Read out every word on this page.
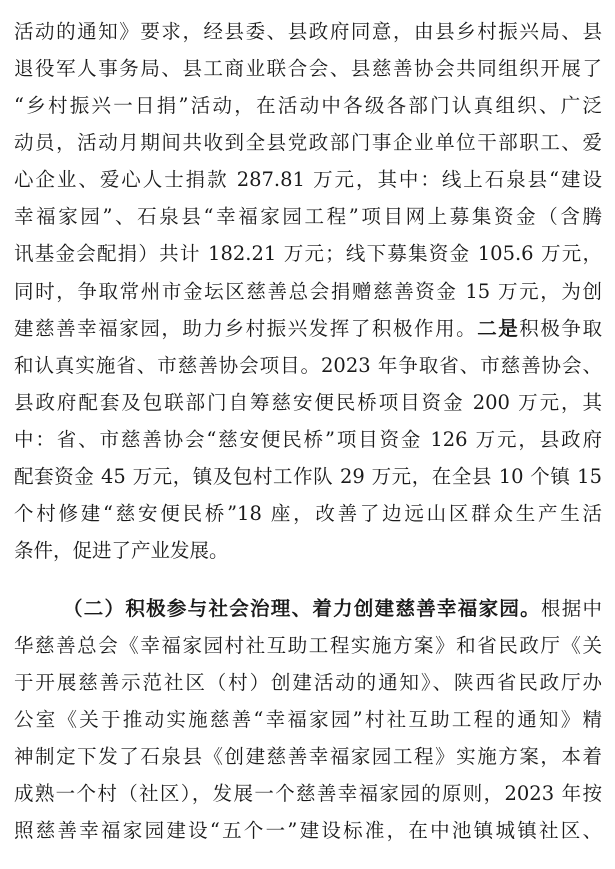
活动的通知》要求，经县委、县政府同意，由县乡村振兴局、县
退役军人事务局、县工商业联合会、县慈善协会共同组织开展了
“乡村振兴一日捐”活动，在活动中各级各部门认真组织、广泛
动员，活动月期间共收到全县党政部门事企业单位干部职工、爱
心企业、爱心人士捐款 287.81 万元，其中：线上石泉县“建设
幸福家园”、石泉县“幸福家园工程”项目网上募集资金（含腾
讯基金会配捐）共计 182.21 万元；线下募集资金 105.6 万元，
同时，争取常州市金坛区慈善总会捐赠慈善资金 15 万元，为创
建慈善幸福家园，助力乡村振兴发挥了积极作用。二是积极争取
和认真实施省、市慈善协会项目。2023 年争取省、市慈善协会、
县政府配套及包联部门自筹慈安便民桥项目资金 200 万元，其
中：省、市慈善协会“慈安便民桥”项目资金 126 万元，县政府
配套资金 45 万元，镇及包村工作队 29 万元，在全县 10 个镇 15
个村修建“慈安便民桥”18 座，改善了边远山区群众生产生活
条件，促进了产业发展。
（二）积极参与社会治理、着力创建慈善幸福家园。根据中
华慈善总会《幸福家园村社互助工程实施方案》和省民政厅《关
于开展慈善示范社区（村）创建活动的通知》、陕西省民政厅办
公室《关于推动实施慈善“幸福家园”村社互助工程的通知》精
神制定下发了石泉县《创建慈善幸福家园工程》实施方案，本着
成熟一个村（社区），发展一个慈善幸福家园的原则，2023 年按
照慈善幸福家园建设“五个一”建设标准，在中池镇城镇社区、
